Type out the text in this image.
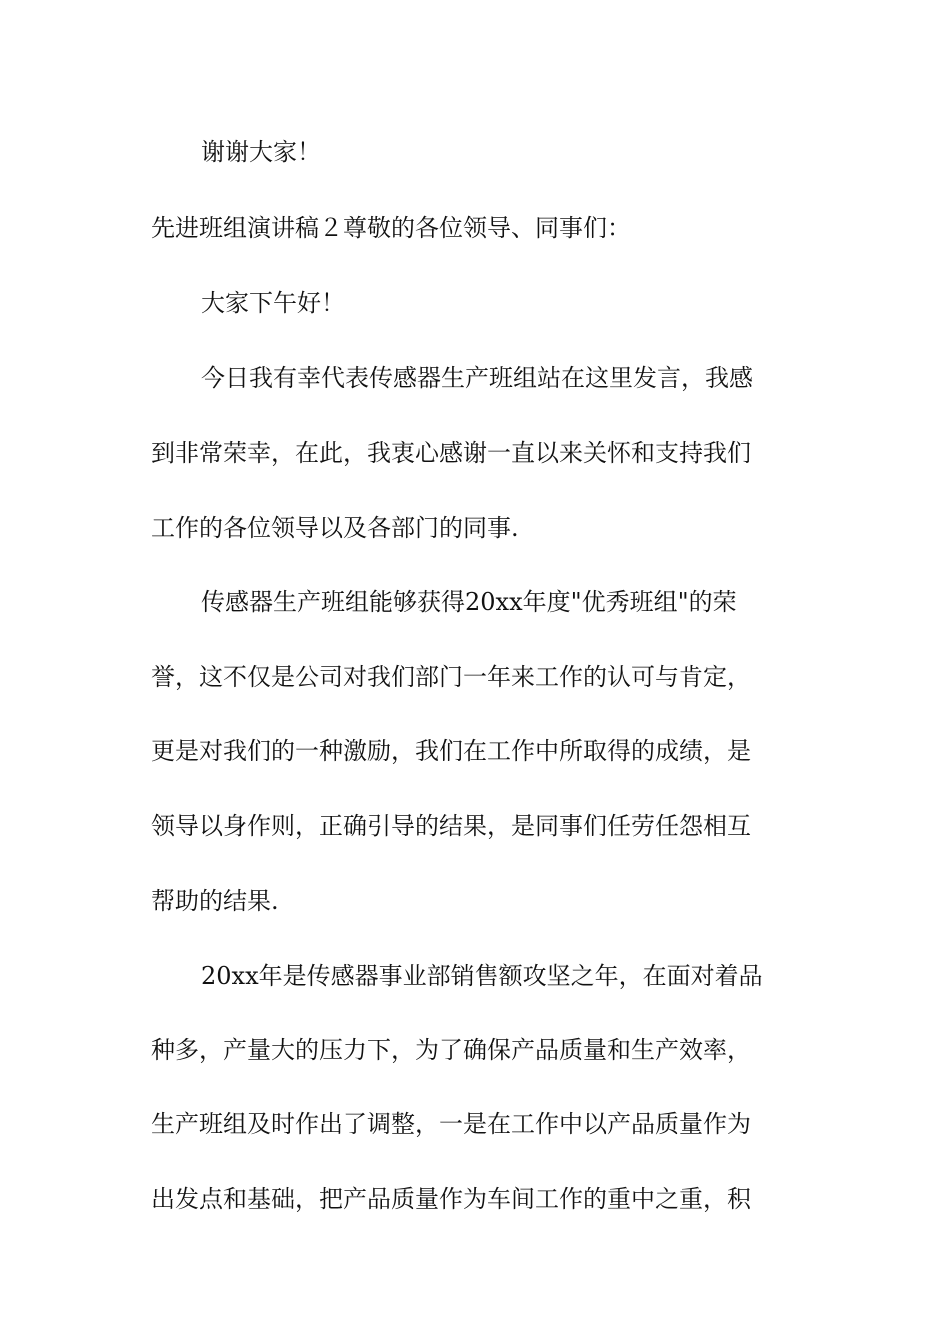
谢谢大家！
先进班组演讲稿２尊敬的各位领导、同事们：
大家下午好！
今日我有幸代表传感器生产班组站在这里发言，我感
到非常荣幸，在此，我衷心感谢一直以来关怀和支持我们
工作的各位领导以及各部门的同事.
传感器生产班组能够获得20xx年度"优秀班组"的荣
誉，这不仅是公司对我们部门一年来工作的认可与肯定，
更是对我们的一种激励，我们在工作中所取得的成绩，是
领导以身作则，正确引导的结果，是同事们任劳任怨相互
帮助的结果.
20xx年是传感器事业部销售额攻坚之年，在面对着品
种多，产量大的压力下，为了确保产品质量和生产效率，
生产班组及时作出了调整，一是在工作中以产品质量作为
出发点和基础，把产品质量作为车间工作的重中之重，积
